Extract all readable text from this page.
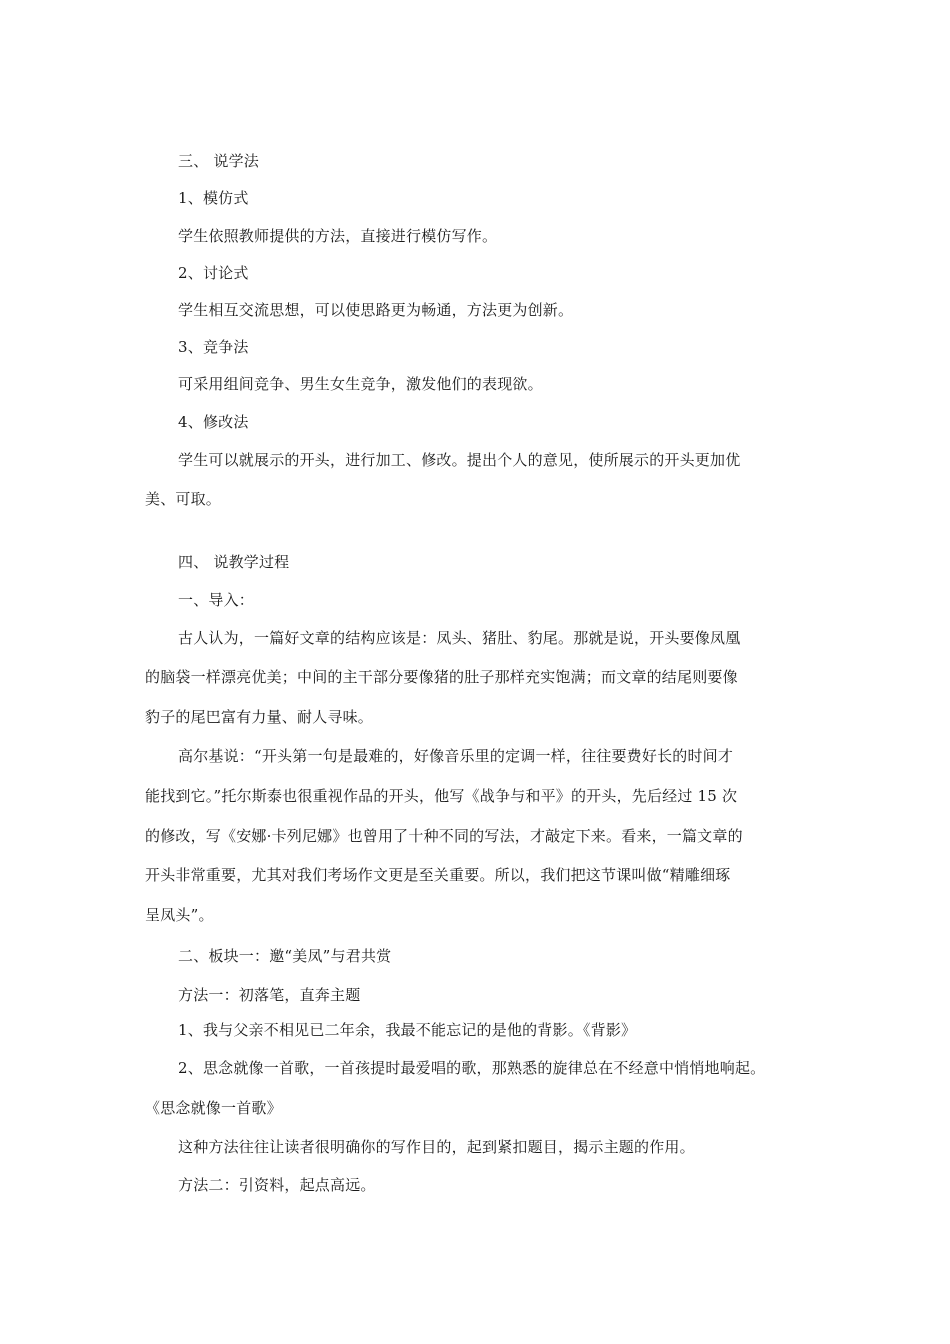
三、 说学法
1、模仿式
学生依照教师提供的方法，直接进行模仿写作。
2、讨论式
学生相互交流思想，可以使思路更为畅通，方法更为创新。
3、竞争法
可采用组间竞争、男生女生竞争，激发他们的表现欲。
4、修改法
学生可以就展示的开头，进行加工、修改。提出个人的意见，使所展示的开头更加优
美、可取。
四、 说教学过程
一、导入：
古人认为，一篇好文章的结构应该是：凤头、猪肚、豹尾。那就是说，开头要像凤凰
的脑袋一样漂亮优美；中间的主干部分要像猪的肚子那样充实饱满；而文章的结尾则要像
豹子的尾巴富有力量、耐人寻味。
高尔基说：“开头第一句是最难的，好像音乐里的定调一样，往往要费好长的时间才
能找到它。”托尔斯泰也很重视作品的开头，他写《战争与和平》的开头，先后经过 15 次
的修改，写《安娜·卡列尼娜》也曾用了十种不同的写法，才敲定下来。看来，一篇文章的
开头非常重要，尤其对我们考场作文更是至关重要。所以，我们把这节课叫做“精雕细琢
呈凤头”。
二、板块一：邀“美凤”与君共赏
方法一：初落笔，直奔主题
1、我与父亲不相见已二年余，我最不能忘记的是他的背影。《背影》
2、思念就像一首歌，一首孩提时最爱唱的歌，那熟悉的旋律总在不经意中悄悄地响起。
《思念就像一首歌》
这种方法往往让读者很明确你的写作目的，起到紧扣题目，揭示主题的作用。
方法二：引资料，起点高远。
